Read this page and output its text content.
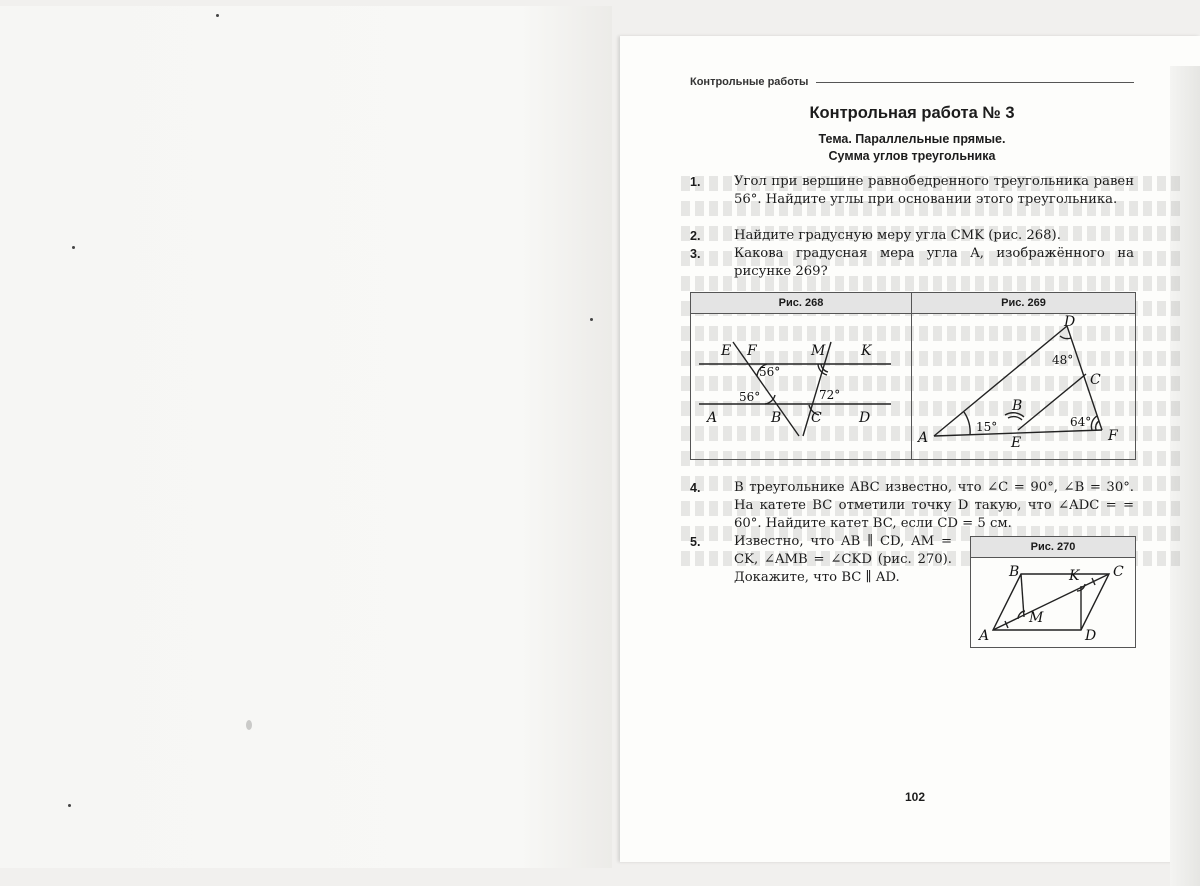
Контрольные работы
Контрольная работа № 3
Тема. Параллельные прямые.
Сумма углов треугольника
1.	Угол при вершине равнобедренного треугольника равен 56°. Найдите углы при основании этого треугольника.
2.	Найдите градусную меру угла CMK (рис. 268).
3.	Какова градусная мера угла A, изображённого на рисунке 269?
Рис. 268	Рис. 269
E F	M	K
A	B C	D
56°
56°	72°
D
C
B
A	E	F
48°
15°	64°
4.	В треугольнике ABC известно, что ∠C = 90°, ∠B = 30°. На катете BC отметили точку D такую, что ∠ADC = = 60°. Найдите катет BC, если CD = 5 см.
5.	Известно, что AB ∥ CD, AM = CK, ∠AMB = ∠CKD (рис. 270). Докажите, что BC ∥ AD.
Рис. 270
B	C
K
M
A	D
102
